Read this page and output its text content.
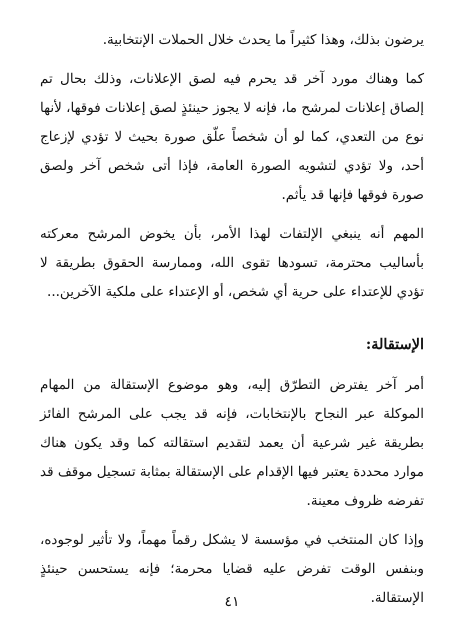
يرضون بذلك، وهذا كثيراً ما يحدث خلال الحملات الإنتخابية.

كما وهناك مورد آخر قد يحرم فيه لصق الإعلانات، وذلك بحال تم إلصاق إعلانات لمرشح ما، فإنه لا يجوز حينئذٍ لصق إعلانات فوقها، لأنها نوع من التعدي، كما لو أن شخصاً علّق صورة بحيث لا تؤدي لإزعاج أحد، ولا تؤدي لتشويه الصورة العامة، فإذا أتى شخص آخر ولصق صورة فوقها فإنها قد يأثم.

المهم أنه ينبغي الإلتفات لهذا الأمر، بأن يخوض المرشح معركته بأساليب محترمة، تسودها تقوى الله، وممارسة الحقوق بطريقة لا تؤدي للإعتداء على حرية أي شخص، أو الإعتداء على ملكية الآخرين...

الإستقالة:

أمر آخر يفترض التطرّق إليه، وهو موضوع الإستقالة من المهام الموكلة عبر النجاح بالإنتخابات، فإنه قد يجب على المرشح الفائز بطريقة غير شرعية أن يعمد لتقديم استقالته كما وقد يكون هناك موارد محددة يعتبر فيها الإقدام على الإستقالة بمثابة تسجيل موقف قد تفرضه ظروف معينة.

وإذا كان المنتخب في مؤسسة لا يشكل رقماً مهماً، ولا تأثير لوجوده، وبنفس الوقت تفرض عليه قضايا محرمة؛ فإنه يستحسن حينئذٍ الإستقالة.

٤١
